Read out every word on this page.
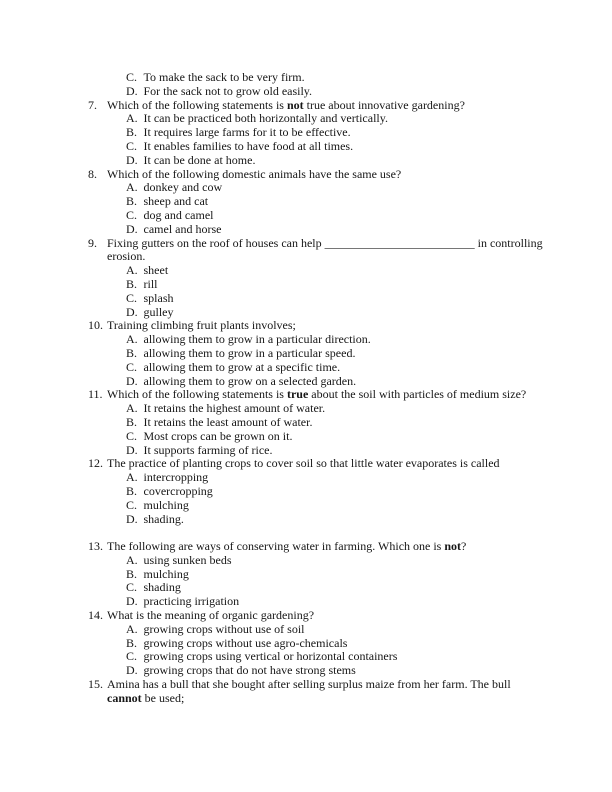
C. To make the sack to be very firm.
D. For the sack not to grow old easily.
7. Which of the following statements is not true about innovative gardening?
A. It can be practiced both horizontally and vertically.
B. It requires large farms for it to be effective.
C. It enables families to have food at all times.
D. It can be done at home.
8. Which of the following domestic animals have the same use?
A. donkey and cow
B. sheep and cat
C. dog and camel
D. camel and horse
9. Fixing gutters on the roof of houses can help _________________________ in controlling
erosion.
A. sheet
B. rill
C. splash
D. gulley
10. Training climbing fruit plants involves;
A. allowing them to grow in a particular direction.
B. allowing them to grow in a particular speed.
C. allowing them to grow at a specific time.
D. allowing them to grow on a selected garden.
11. Which of the following statements is true about the soil with particles of medium size?
A. It retains the highest amount of water.
B. It retains the least amount of water.
C. Most crops can be grown on it.
D. It supports farming of rice.
12. The practice of planting crops to cover soil so that little water evaporates is called
A. intercropping
B. covercropping
C. mulching
D. shading.
13. The following are ways of conserving water in farming. Which one is not?
A. using sunken beds
B. mulching
C. shading
D. practicing irrigation
14. What is the meaning of organic gardening?
A. growing crops without use of soil
B. growing crops without use agro-chemicals
C. growing crops using vertical or horizontal containers
D. growing crops that do not have strong stems
15. Amina has a bull that she bought after selling surplus maize from her farm. The bull
cannot be used;
